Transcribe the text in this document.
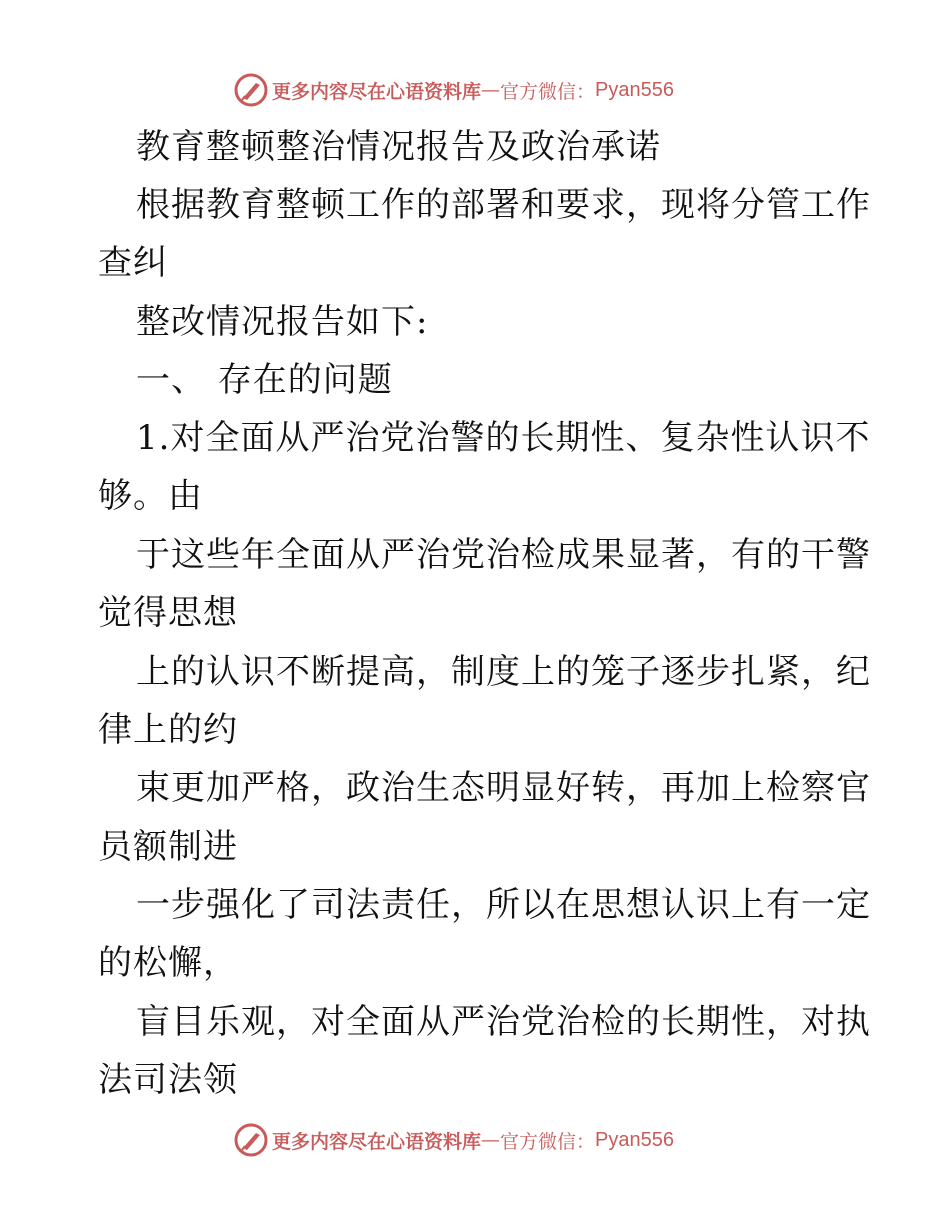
更多内容尽在心语资料库 — 官方微信： Pyan556
教育整顿整治情况报告及政治承诺
根据教育整顿工作的部署和要求，现将分管工作
查纠
整改情况报告如下:
一、 存在的问题
1.对全面从严治党治警的长期性、复杂性认识不
够。由
于这些年全面从严治党治检成果显著，有的干警
觉得思想
上的认识不断提高，制度上的笼子逐步扎紧，纪
律上的约
束更加严格，政治生态明显好转，再加上检察官
员额制进
一步强化了司法责任，所以在思想认识上有一定
的松懈，
盲目乐观，对全面从严治党治检的长期性，对执
法司法领
更多内容尽在心语资料库 — 官方微信： Pyan556
